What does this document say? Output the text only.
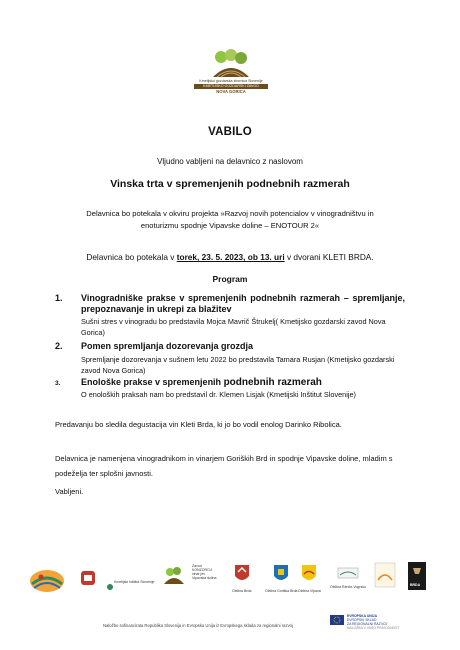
Kmetijsko gozdarska zbornica Slovenije
KMETIJSKO GOZDARSKI ZAVOD
NOVA GORICA
VABILO
Vljudno vabljeni na delavnico z naslovom
Vinska trta v spremenjenih podnebnih razmerah
Delavnica bo potekala v okviru projekta »Razvoj novih potencialov v vinogradništvu in
enoturizmu spodnje Vipavske doline – ENOTOUR 2«
Delavnica bo potekala v torek, 23. 5. 2023, ob 13. uri v dvorani KLETI BRDA.
Program
1. Vinogradniške prakse v spremenjenih podnebnih razmerah – spremljanje, prepoznavanje in ukrepi za blažitev
Sušni stres v vinogradu bo predstavila Mojca Mavrič Štrukelj( Kmetijsko gozdarski zavod Nova Gorica)
2. Pomen spremljanja dozorevanja grozdja
Spremljanje dozorevanja v sušnem letu 2022 bo predstavila Tamara Rusjan (Kmetijsko gozdarski zavod Nova Gorica)
3. Enološke prakse v spremenjenih podnebnih razmerah
O enoloških praksah nam bo predstavil dr. Klemen Lisjak (Kmetijski Inštitut Slovenije)
Predavanju bo sledila degustacija vin Kleti Brda, ki jo bo vodil enolog Darinko Ribolica.
Delavnica je namenjena vinogradnikom in vinarjem Goriških Brd in spodnje Vipavske doline, mladim s podeželja ter splošni javnosti.
Vabljeni.
Kmetijski Inštitut Slovenije
Zavod
KONZORCIJ
vinar jev
Vipavska dolina
Občina Brda	Občina Goriška Brda Občina Vipava
Občina Renče-Vogrsko	BRDA
Naložbo sofinancirata Republika Slovenija in Evropska Unija iz Evropskega sklada za regionalni razvoj
EVROPSKA UNIJA
EVROPSKI SKLAD
ZA REGIONALNI RAZVOJ
NALOŽBA V VAŠO PRIHODNOST
